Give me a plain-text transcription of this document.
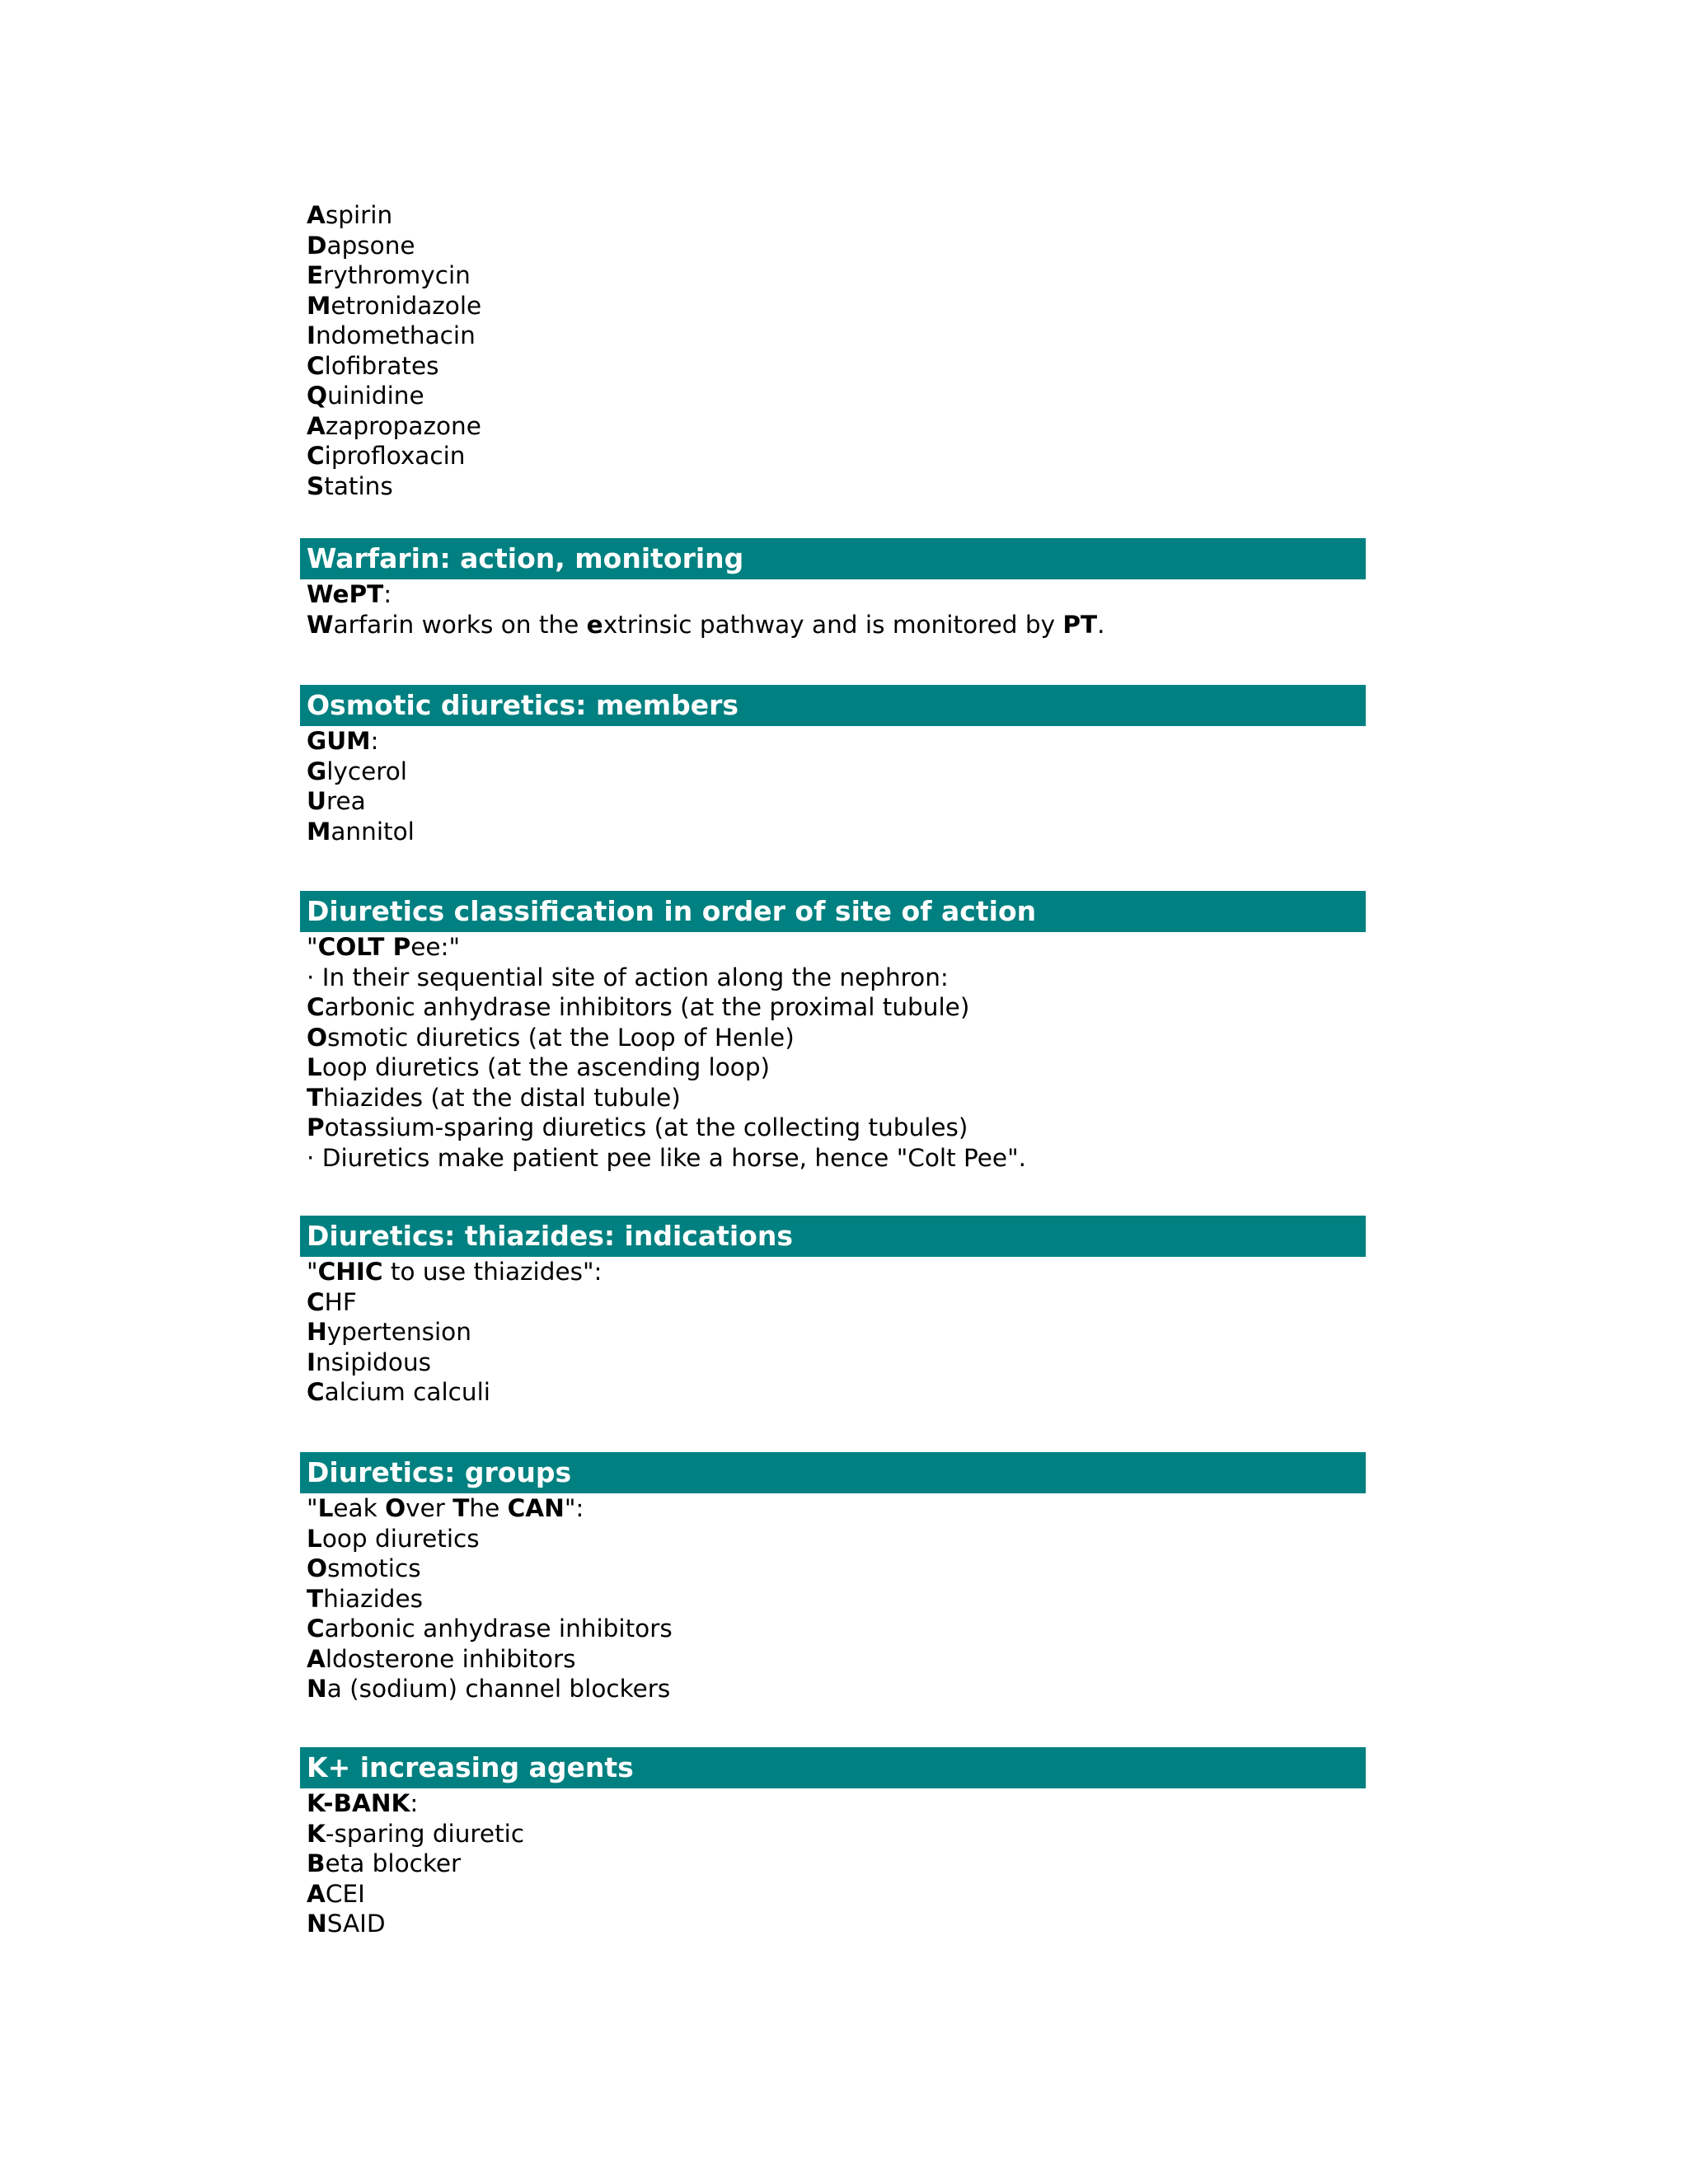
Aspirin
Dapsone
Erythromycin
Metronidazole
Indomethacin
Clofibrates
Quinidine
Azapropazone
Ciprofloxacin
Statins
Warfarin: action, monitoring
WePT:
Warfarin works on the extrinsic pathway and is monitored by PT.
Osmotic diuretics: members
GUM:
Glycerol
Urea
Mannitol
Diuretics classification in order of site of action
"COLT Pee:"
· In their sequential site of action along the nephron:
Carbonic anhydrase inhibitors (at the proximal tubule)
Osmotic diuretics (at the Loop of Henle)
Loop diuretics (at the ascending loop)
Thiazides (at the distal tubule)
Potassium-sparing diuretics (at the collecting tubules)
· Diuretics make patient pee like a horse, hence "Colt Pee".
Diuretics: thiazides: indications
"CHIC to use thiazides":
CHF
Hypertension
Insipidous
Calcium calculi
Diuretics: groups
"Leak Over The CAN":
Loop diuretics
Osmotics
Thiazides
Carbonic anhydrase inhibitors
Aldosterone inhibitors
Na (sodium) channel blockers
K+ increasing agents
K-BANK:
K-sparing diuretic
Beta blocker
ACEI
NSAID
